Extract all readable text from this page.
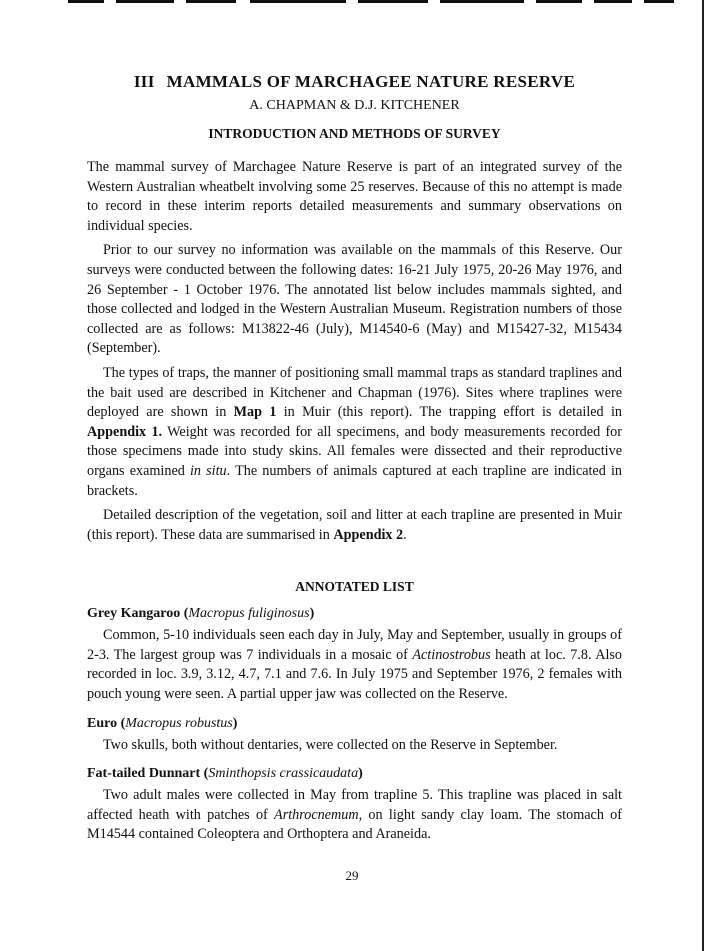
III MAMMALS OF MARCHAGEE NATURE RESERVE
A. CHAPMAN & D.J. KITCHENER
INTRODUCTION AND METHODS OF SURVEY

The mammal survey of Marchagee Nature Reserve is part of an integrated survey of the Western Australian wheatbelt involving some 25 reserves. Because of this no attempt is made to record in these interim reports detailed measurements and summary observations on individual species.

Prior to our survey no information was available on the mammals of this Reserve. Our surveys were conducted between the following dates: 16-21 July 1975, 20-26 May 1976, and 26 September - 1 October 1976. The annotated list below includes mammals sighted, and those collected and lodged in the Western Australian Museum. Registration numbers of those collected are as follows: M13822-46 (July), M14540-6 (May) and M15427-32, M15434 (September).

The types of traps, the manner of positioning small mammal traps as standard traplines and the bait used are described in Kitchener and Chapman (1976). Sites where traplines were deployed are shown in Map 1 in Muir (this report). The trapping effort is detailed in Appendix 1. Weight was recorded for all specimens, and body measurements recorded for those specimens made into study skins. All females were dissected and their reproductive organs examined in situ. The numbers of animals captured at each trapline are indicated in brackets.

Detailed description of the vegetation, soil and litter at each trapline are presented in Muir (this report). These data are summarised in Appendix 2.

ANNOTATED LIST
Grey Kangaroo (Macropus fuliginosus)

Common, 5-10 individuals seen each day in July, May and September, usually in groups of 2-3. The largest group was 7 individuals in a mosaic of Actinostrobus heath at loc. 7.8. Also recorded in loc. 3.9, 3.12, 4.7, 7.1 and 7.6. In July 1975 and September 1976, 2 females with pouch young were seen. A partial upper jaw was collected on the Reserve.

Euro (Macropus robustus)

Two skulls, both without dentaries, were collected on the Reserve in September.

Fat-tailed Dunnart (Sminthopsis crassicaudata)

Two adult males were collected in May from trapline 5. This trapline was placed in salt affected heath with patches of Arthrocnemum, on light sandy clay loam. The stomach of M14544 contained Coleoptera and Orthoptera and Araneida.

29
